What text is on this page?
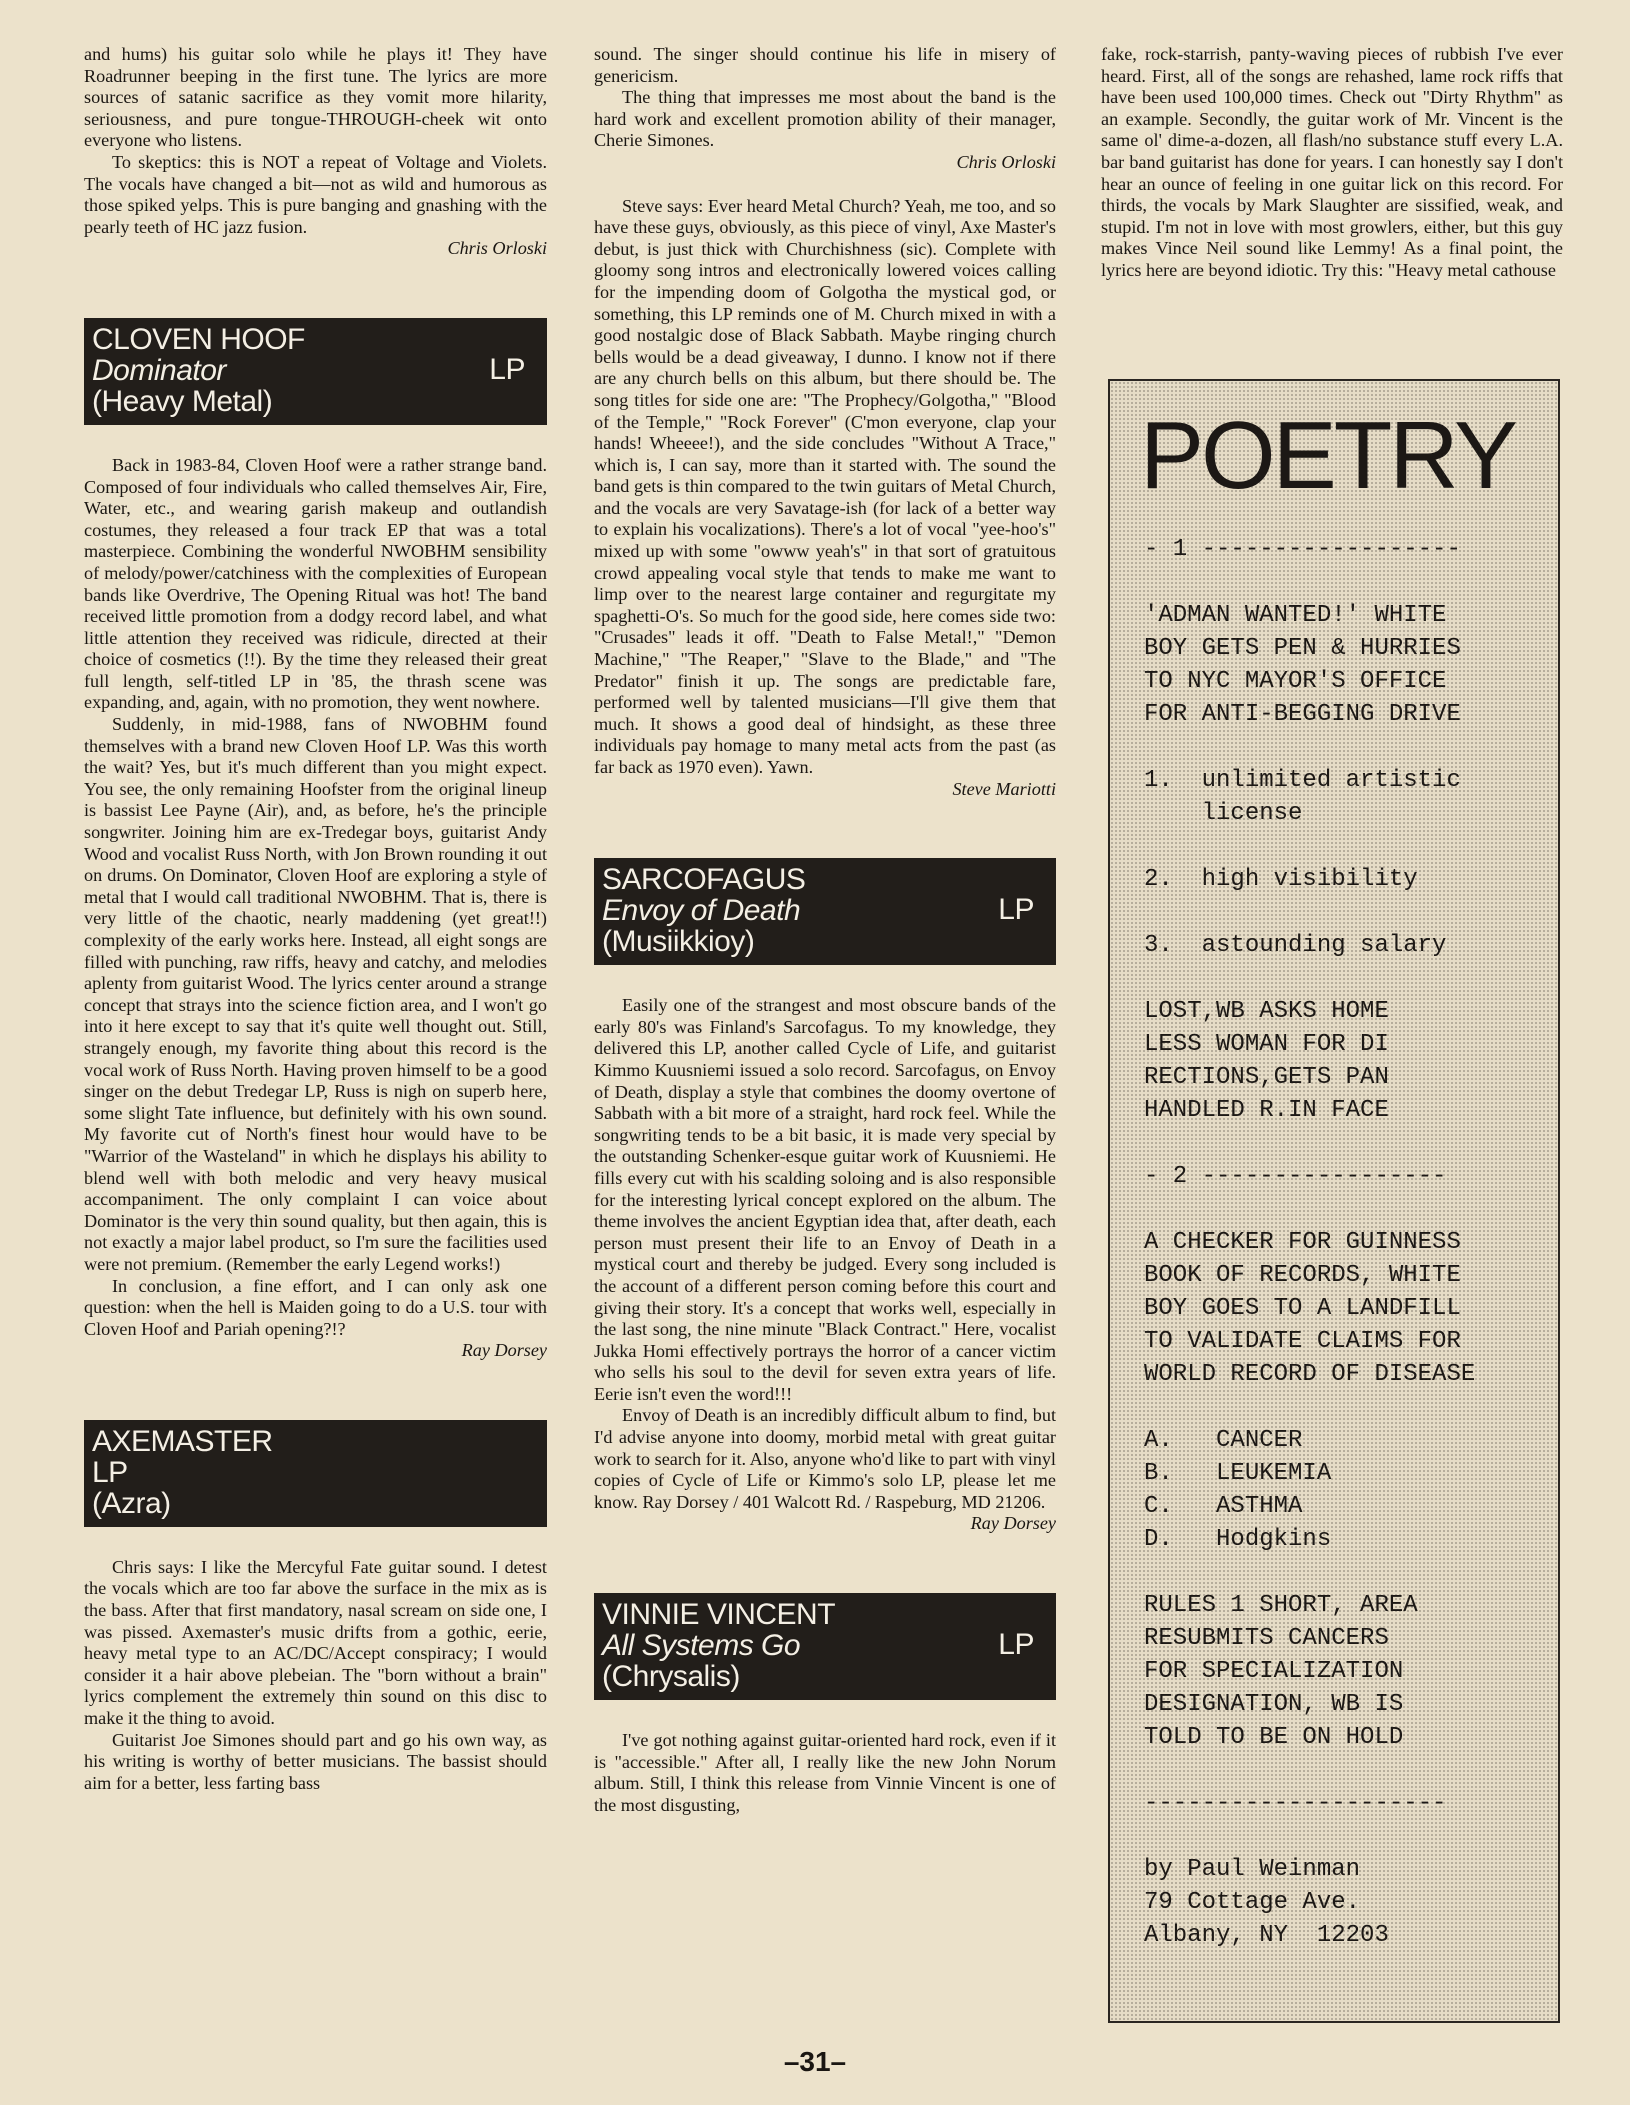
and hums) his guitar solo while he plays it! They have Roadrunner beeping in the first tune. The lyrics are more sources of satanic sacrifice as they vomit more hilarity, seriousness, and pure tongue-THROUGH-cheek wit onto everyone who listens.

To skeptics: this is NOT a repeat of Voltage and Violets. The vocals have changed a bit—not as wild and humorous as those spiked yelps. This is pure banging and gnashing with the pearly teeth of HC jazz fusion.

Chris Orloski

CLOVEN HOOF
Dominator
(Heavy Metal)
LP

Back in 1983-84, Cloven Hoof were a rather strange band. Composed of four individuals who called themselves Air, Fire, Water, etc., and wearing garish makeup and outlandish costumes, they released a four track EP that was a total masterpiece. Combining the wonderful NWOBHM sensibility of melody/power/catchiness with the complexities of European bands like Overdrive, The Opening Ritual was hot! The band received little promotion from a dodgy record label, and what little attention they received was ridicule, directed at their choice of cosmetics (!!). By the time they released their great full length, self-titled LP in '85, the thrash scene was expanding, and, again, with no promotion, they went nowhere.

Suddenly, in mid-1988, fans of NWOBHM found themselves with a brand new Cloven Hoof LP. Was this worth the wait? Yes, but it's much different than you might expect. You see, the only remaining Hoofster from the original lineup is bassist Lee Payne (Air), and, as before, he's the principle songwriter. Joining him are ex-Tredegar boys, guitarist Andy Wood and vocalist Russ North, with Jon Brown rounding it out on drums. On Dominator, Cloven Hoof are exploring a style of metal that I would call traditional NWOBHM. That is, there is very little of the chaotic, nearly maddening (yet great!!) complexity of the early works here. Instead, all eight songs are filled with punching, raw riffs, heavy and catchy, and melodies aplenty from guitarist Wood. The lyrics center around a strange concept that strays into the science fiction area, and I won't go into it here except to say that it's quite well thought out. Still, strangely enough, my favorite thing about this record is the vocal work of Russ North. Having proven himself to be a good singer on the debut Tredegar LP, Russ is nigh on superb here, some slight Tate influence, but definitely with his own sound. My favorite cut of North's finest hour would have to be "Warrior of the Wasteland" in which he displays his ability to blend well with both melodic and very heavy musical accompaniment. The only complaint I can voice about Dominator is the very thin sound quality, but then again, this is not exactly a major label product, so I'm sure the facilities used were not premium. (Remember the early Legend works!)

In conclusion, a fine effort, and I can only ask one question: when the hell is Maiden going to do a U.S. tour with Cloven Hoof and Pariah opening?!?

Ray Dorsey

AXEMASTER
LP
(Azra)

Chris says: I like the Mercyful Fate guitar sound. I detest the vocals which are too far above the surface in the mix as is the bass. After that first mandatory, nasal scream on side one, I was pissed. Axemaster's music drifts from a gothic, eerie, heavy metal type to an AC/DC/Accept conspiracy; I would consider it a hair above plebeian. The "born without a brain" lyrics complement the extremely thin sound on this disc to make it the thing to avoid.

Guitarist Joe Simones should part and go his own way, as his writing is worthy of better musicians. The bassist should aim for a better, less farting bass

sound. The singer should continue his life in misery of genericism.

The thing that impresses me most about the band is the hard work and excellent promotion ability of their manager, Cherie Simones.

Chris Orloski

Steve says: Ever heard Metal Church? Yeah, me too, and so have these guys, obviously, as this piece of vinyl, Axe Master's debut, is just thick with Churchishness (sic). Complete with gloomy song intros and electronically lowered voices calling for the impending doom of Golgotha the mystical god, or something, this LP reminds one of M. Church mixed in with a good nostalgic dose of Black Sabbath. Maybe ringing church bells would be a dead giveaway, I dunno. I know not if there are any church bells on this album, but there should be. The song titles for side one are: "The Prophecy/Golgotha," "Blood of the Temple," "Rock Forever" (C'mon everyone, clap your hands! Wheeee!), and the side concludes "Without A Trace," which is, I can say, more than it started with. The sound the band gets is thin compared to the twin guitars of Metal Church, and the vocals are very Savatage-ish (for lack of a better way to explain his vocalizations). There's a lot of vocal "yee-hoo's" mixed up with some "owww yeah's" in that sort of gratuitous crowd appealing vocal style that tends to make me want to limp over to the nearest large container and regurgitate my spaghetti-O's. So much for the good side, here comes side two: "Crusades" leads it off. "Death to False Metal!," "Demon Machine," "The Reaper," "Slave to the Blade," and "The Predator" finish it up. The songs are predictable fare, performed well by talented musicians—I'll give them that much. It shows a good deal of hindsight, as these three individuals pay homage to many metal acts from the past (as far back as 1970 even). Yawn.

Steve Mariotti

SARCOFAGUS
Envoy of Death
(Musiikkioy)
LP

Easily one of the strangest and most obscure bands of the early 80's was Finland's Sarcofagus. To my knowledge, they delivered this LP, another called Cycle of Life, and guitarist Kimmo Kuusniemi issued a solo record. Sarcofagus, on Envoy of Death, display a style that combines the doomy overtone of Sabbath with a bit more of a straight, hard rock feel. While the songwriting tends to be a bit basic, it is made very special by the outstanding Schenker-esque guitar work of Kuusniemi. He fills every cut with his scalding soloing and is also responsible for the interesting lyrical concept explored on the album. The theme involves the ancient Egyptian idea that, after death, each person must present their life to an Envoy of Death in a mystical court and thereby be judged. Every song included is the account of a different person coming before this court and giving their story. It's a concept that works well, especially in the last song, the nine minute "Black Contract." Here, vocalist Jukka Homi effectively portrays the horror of a cancer victim who sells his soul to the devil for seven extra years of life. Eerie isn't even the word!!!

Envoy of Death is an incredibly difficult album to find, but I'd advise anyone into doomy, morbid metal with great guitar work to search for it. Also, anyone who'd like to part with vinyl copies of Cycle of Life or Kimmo's solo LP, please let me know. Ray Dorsey / 401 Walcott Rd. / Raspeburg, MD 21206.

Ray Dorsey

VINNIE VINCENT
All Systems Go
(Chrysalis)
LP

I've got nothing against guitar-oriented hard rock, even if it is "accessible." After all, I really like the new John Norum album. Still, I think this release from Vinnie Vincent is one of the most disgusting,

fake, rock-starrish, panty-waving pieces of rubbish I've ever heard. First, all of the songs are rehashed, lame rock riffs that have been used 100,000 times. Check out "Dirty Rhythm" as an example. Secondly, the guitar work of Mr. Vincent is the same ol' dime-a-dozen, all flash/no substance stuff every L.A. bar band guitarist has done for years. I can honestly say I don't hear an ounce of feeling in one guitar lick on this record. For thirds, the vocals by Mark Slaughter are sissified, weak, and stupid. I'm not in love with most growlers, either, but this guy makes Vince Neil sound like Lemmy! As a final point, the lyrics here are beyond idiotic. Try this: "Heavy metal cathouse

POETRY
- 1 ------------------
'ADMAN WANTED!' WHITE
BOY GETS PEN & HURRIES
TO NYC MAYOR'S OFFICE
FOR ANTI-BEGGING DRIVE
1.  unlimited artistic
license
2.  high visibility
3.  astounding salary
LOST,WB ASKS HOME
LESS WOMAN FOR DI
RECTIONS,GETS PAN
HANDLED R.IN FACE
- 2 -----------------
A CHECKER FOR GUINNESS
BOOK OF RECORDS, WHITE
BOY GOES TO A LANDFILL
TO VALIDATE CLAIMS FOR
WORLD RECORD OF DISEASE
A.   CANCER
B.   LEUKEMIA
C.   ASTHMA
D.   Hodgkins
RULES 1 SHORT, AREA
RESUBMITS CANCERS
FOR SPECIALIZATION
DESIGNATION, WB IS
TOLD TO BE ON HOLD
---------------------
by Paul Weinman
79 Cottage Ave.
Albany, NY  12203
–31–
